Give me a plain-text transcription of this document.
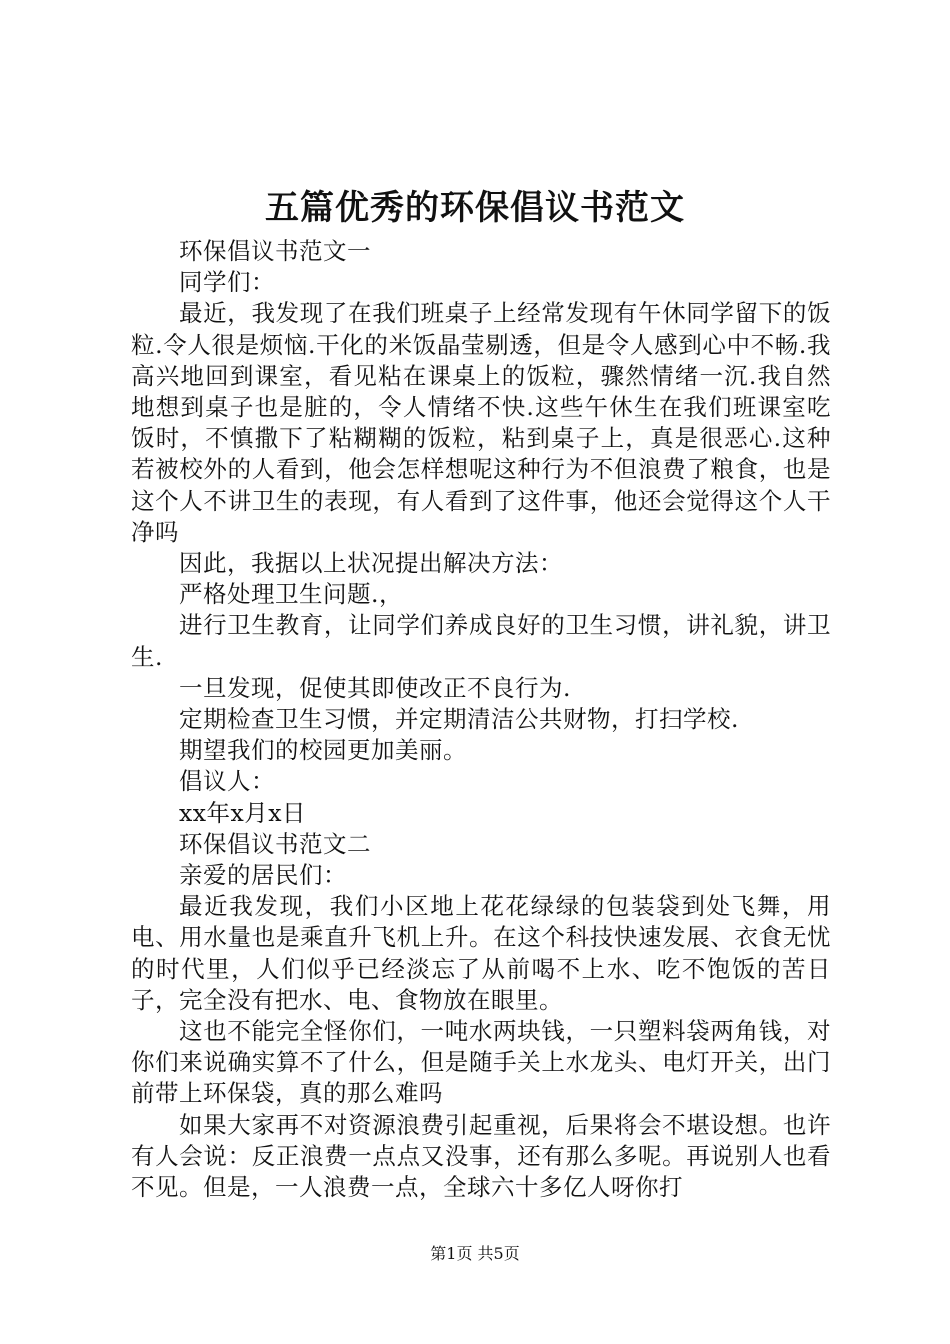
五篇优秀的环保倡议书范文

环保倡议书范文一

同学们：

最近，我发现了在我们班桌子上经常发现有午休同学留下的饭粒.令人很是烦恼.干化的米饭晶莹剔透，但是令人感到心中不畅.我高兴地回到课室，看见粘在课桌上的饭粒，骤然情绪一沉.我自然地想到桌子也是脏的，令人情绪不快.这些午休生在我们班课室吃饭时，不慎撒下了粘糊糊的饭粒，粘到桌子上，真是很恶心.这种若被校外的人看到，他会怎样想呢这种行为不但浪费了粮食，也是这个人不讲卫生的表现，有人看到了这件事，他还会觉得这个人干净吗

因此，我据以上状况提出解决方法：

严格处理卫生问题.，

进行卫生教育，让同学们养成良好的卫生习惯，讲礼貌，讲卫生.

一旦发现，促使其即使改正不良行为.

定期检查卫生习惯，并定期清洁公共财物，打扫学校.

期望我们的校园更加美丽。

倡议人：

xx年x月x日

环保倡议书范文二

亲爱的居民们：

最近我发现，我们小区地上花花绿绿的包装袋到处飞舞，用电、用水量也是乘直升飞机上升。在这个科技快速发展、衣食无忧的时代里，人们似乎已经淡忘了从前喝不上水、吃不饱饭的苦日子，完全没有把水、电、食物放在眼里。

这也不能完全怪你们，一吨水两块钱，一只塑料袋两角钱，对你们来说确实算不了什么，但是随手关上水龙头、电灯开关，出门前带上环保袋，真的那么难吗

如果大家再不对资源浪费引起重视，后果将会不堪设想。也许有人会说：反正浪费一点点又没事，还有那么多呢。再说别人也看不见。但是，一人浪费一点，全球六十多亿人呀你打

第1页 共5页
